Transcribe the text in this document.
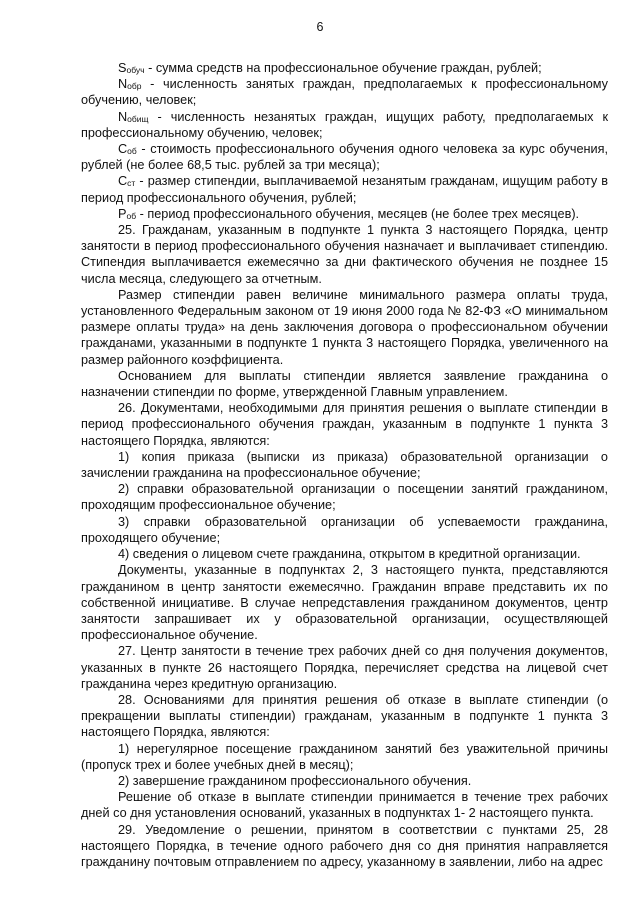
6

$S_{обуч}$ - сумма средств на профессиональное обучение граждан, рублей;

$N_{обр}$ - численность занятых граждан, предполагаемых к профессиональному обучению, человек;

$N_{обищ}$ - численность незанятых граждан, ищущих работу, предполагаемых к профессиональному обучению, человек;

$С_{об}$ - стоимость профессионального обучения одного человека за курс обучения, рублей (не более 68,5 тыс. рублей за три месяца);

$С_{ст}$ - размер стипендии, выплачиваемой незанятым гражданам, ищущим работу в период профессионального обучения, рублей;

$Р_{об}$ - период профессионального обучения, месяцев (не более трех месяцев).

25. Гражданам, указанным в подпункте 1 пункта 3 настоящего Порядка, центр занятости в период профессионального обучения назначает и выплачивает стипендию. Стипендия выплачивается ежемесячно за дни фактического обучения не позднее 15 числа месяца, следующего за отчетным.

Размер стипендии равен величине минимального размера оплаты труда, установленного Федеральным законом от 19 июня 2000 года № 82-ФЗ «О минимальном размере оплаты труда» на день заключения договора о профессиональном обучении гражданами, указанными в подпункте 1 пункта 3 настоящего Порядка, увеличенного на размер районного коэффициента.

Основанием для выплаты стипендии является заявление гражданина о назначении стипендии по форме, утвержденной Главным управлением.

26. Документами, необходимыми для принятия решения о выплате стипендии в период профессионального обучения граждан, указанным в подпункте 1 пункта 3 настоящего Порядка, являются:

1) копия приказа (выписки из приказа) образовательной организации о зачислении гражданина на профессиональное обучение;

2) справки образовательной организации о посещении занятий гражданином, проходящим профессиональное обучение;

3) справки образовательной организации об успеваемости гражданина, проходящего обучение;

4) сведения о лицевом счете гражданина, открытом в кредитной организации.

Документы, указанные в подпунктах 2, 3 настоящего пункта, представляются гражданином в центр занятости ежемесячно. Гражданин вправе представить их по собственной инициативе. В случае непредставления гражданином документов, центр занятости запрашивает их у образовательной организации, осуществляющей профессиональное обучение.

27. Центр занятости в течение трех рабочих дней со дня получения документов, указанных в пункте 26 настоящего Порядка, перечисляет средства на лицевой счет гражданина через кредитную организацию.

28. Основаниями для принятия решения об отказе в выплате стипендии (о прекращении выплаты стипендии) гражданам, указанным в подпункте 1 пункта 3 настоящего Порядка, являются:

1) нерегулярное посещение гражданином занятий без уважительной причины (пропуск трех и более учебных дней в месяц);

2) завершение гражданином профессионального обучения.

Решение об отказе в выплате стипендии принимается в течение трех рабочих дней со дня установления оснований, указанных в подпунктах 1- 2 настоящего пункта.

29. Уведомление о решении, принятом в соответствии с пунктами 25, 28 настоящего Порядка, в течение одного рабочего дня со дня принятия направляется гражданину почтовым отправлением по адресу, указанному в заявлении, либо на адрес
